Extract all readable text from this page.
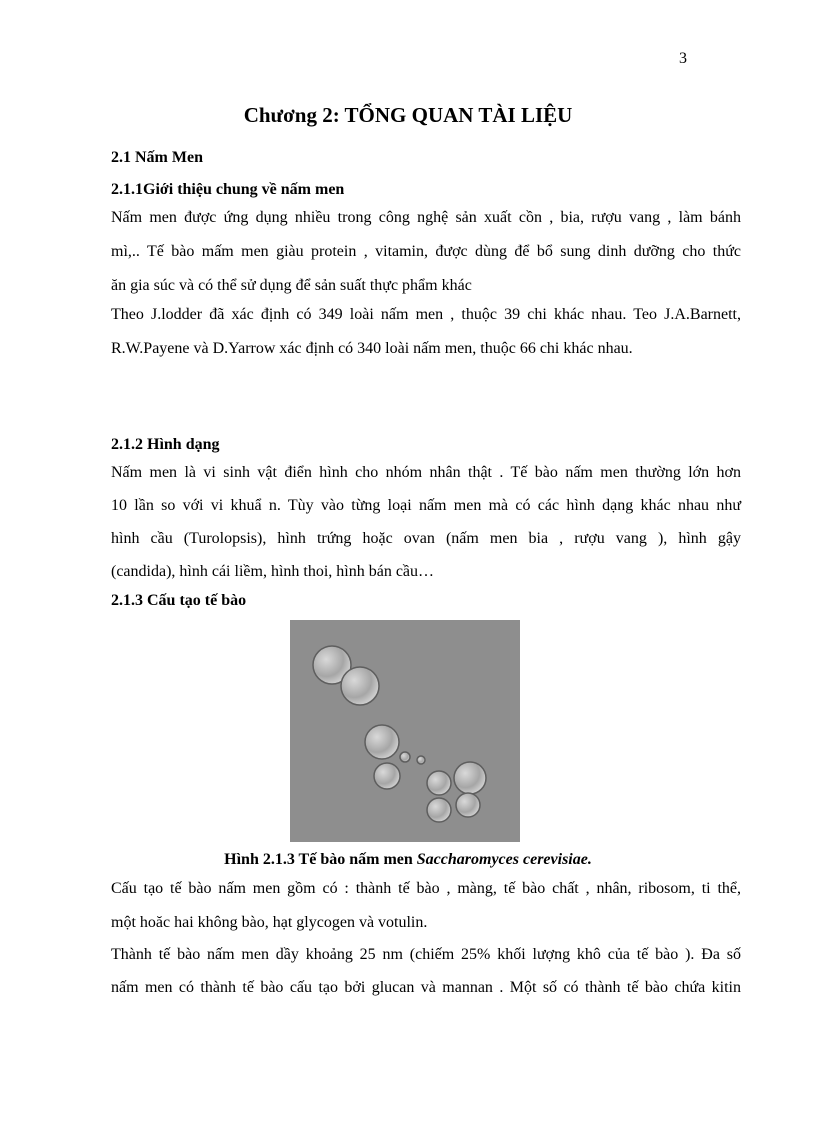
3
Chương 2: TỔNG QUAN TÀI LIỆU
2.1 Nấm Men
2.1.1Giới thiệu chung về nấm men

Nấm men được ứng dụng nhiều trong công nghệ sản xuất cồn , bia, rượu vang , làm bánh

mì,.. Tế bào mấm men giàu protein , vitamin, được dùng để bổ sung dinh dưỡng cho thức

ăn gia súc và có thể sử dụng để sản suất thực phẩm khác

Theo J.lodder đã xác định có 349 loài nấm men , thuộc 39 chi khác nhau. Teo J.A.Barnett,

R.W.Payene và D.Yarrow xác định có 340 loài nấm men, thuộc 66 chi khác nhau.

2.1.2 Hình dạng

Nấm men là vi sinh vật điển hình cho nhóm nhân thật . Tế bào nấm men thường lớn hơn

10 lần so với vi khuẩ n. Tùy vào từng loại nấm men mà có các hình dạng khác nhau như

hình cầu (Turolopsis), hình trứng hoặc ovan (nấm men bia , rượu vang ), hình gậy

(candida), hình cái liềm, hình thoi, hình bán cầu…

2.1.3 Cấu tạo tế bào

Hình 2.1.3 Tế bào nấm men Saccharomyces cerevisiae.

Cấu tạo tế bào nấm men gồm có : thành tế bào , màng, tế bào chất , nhân, ribosom, ti thể,

một hoăc hai không bào, hạt glycogen và votulin.

Thành tế bào nấm men dầy khoảng 25 nm (chiếm 25% khối lượng khô của tế bào ). Đa số

nấm men có thành tế bào cấu tạo bởi glucan và mannan . Một số có thành tế bào chứa kitin
